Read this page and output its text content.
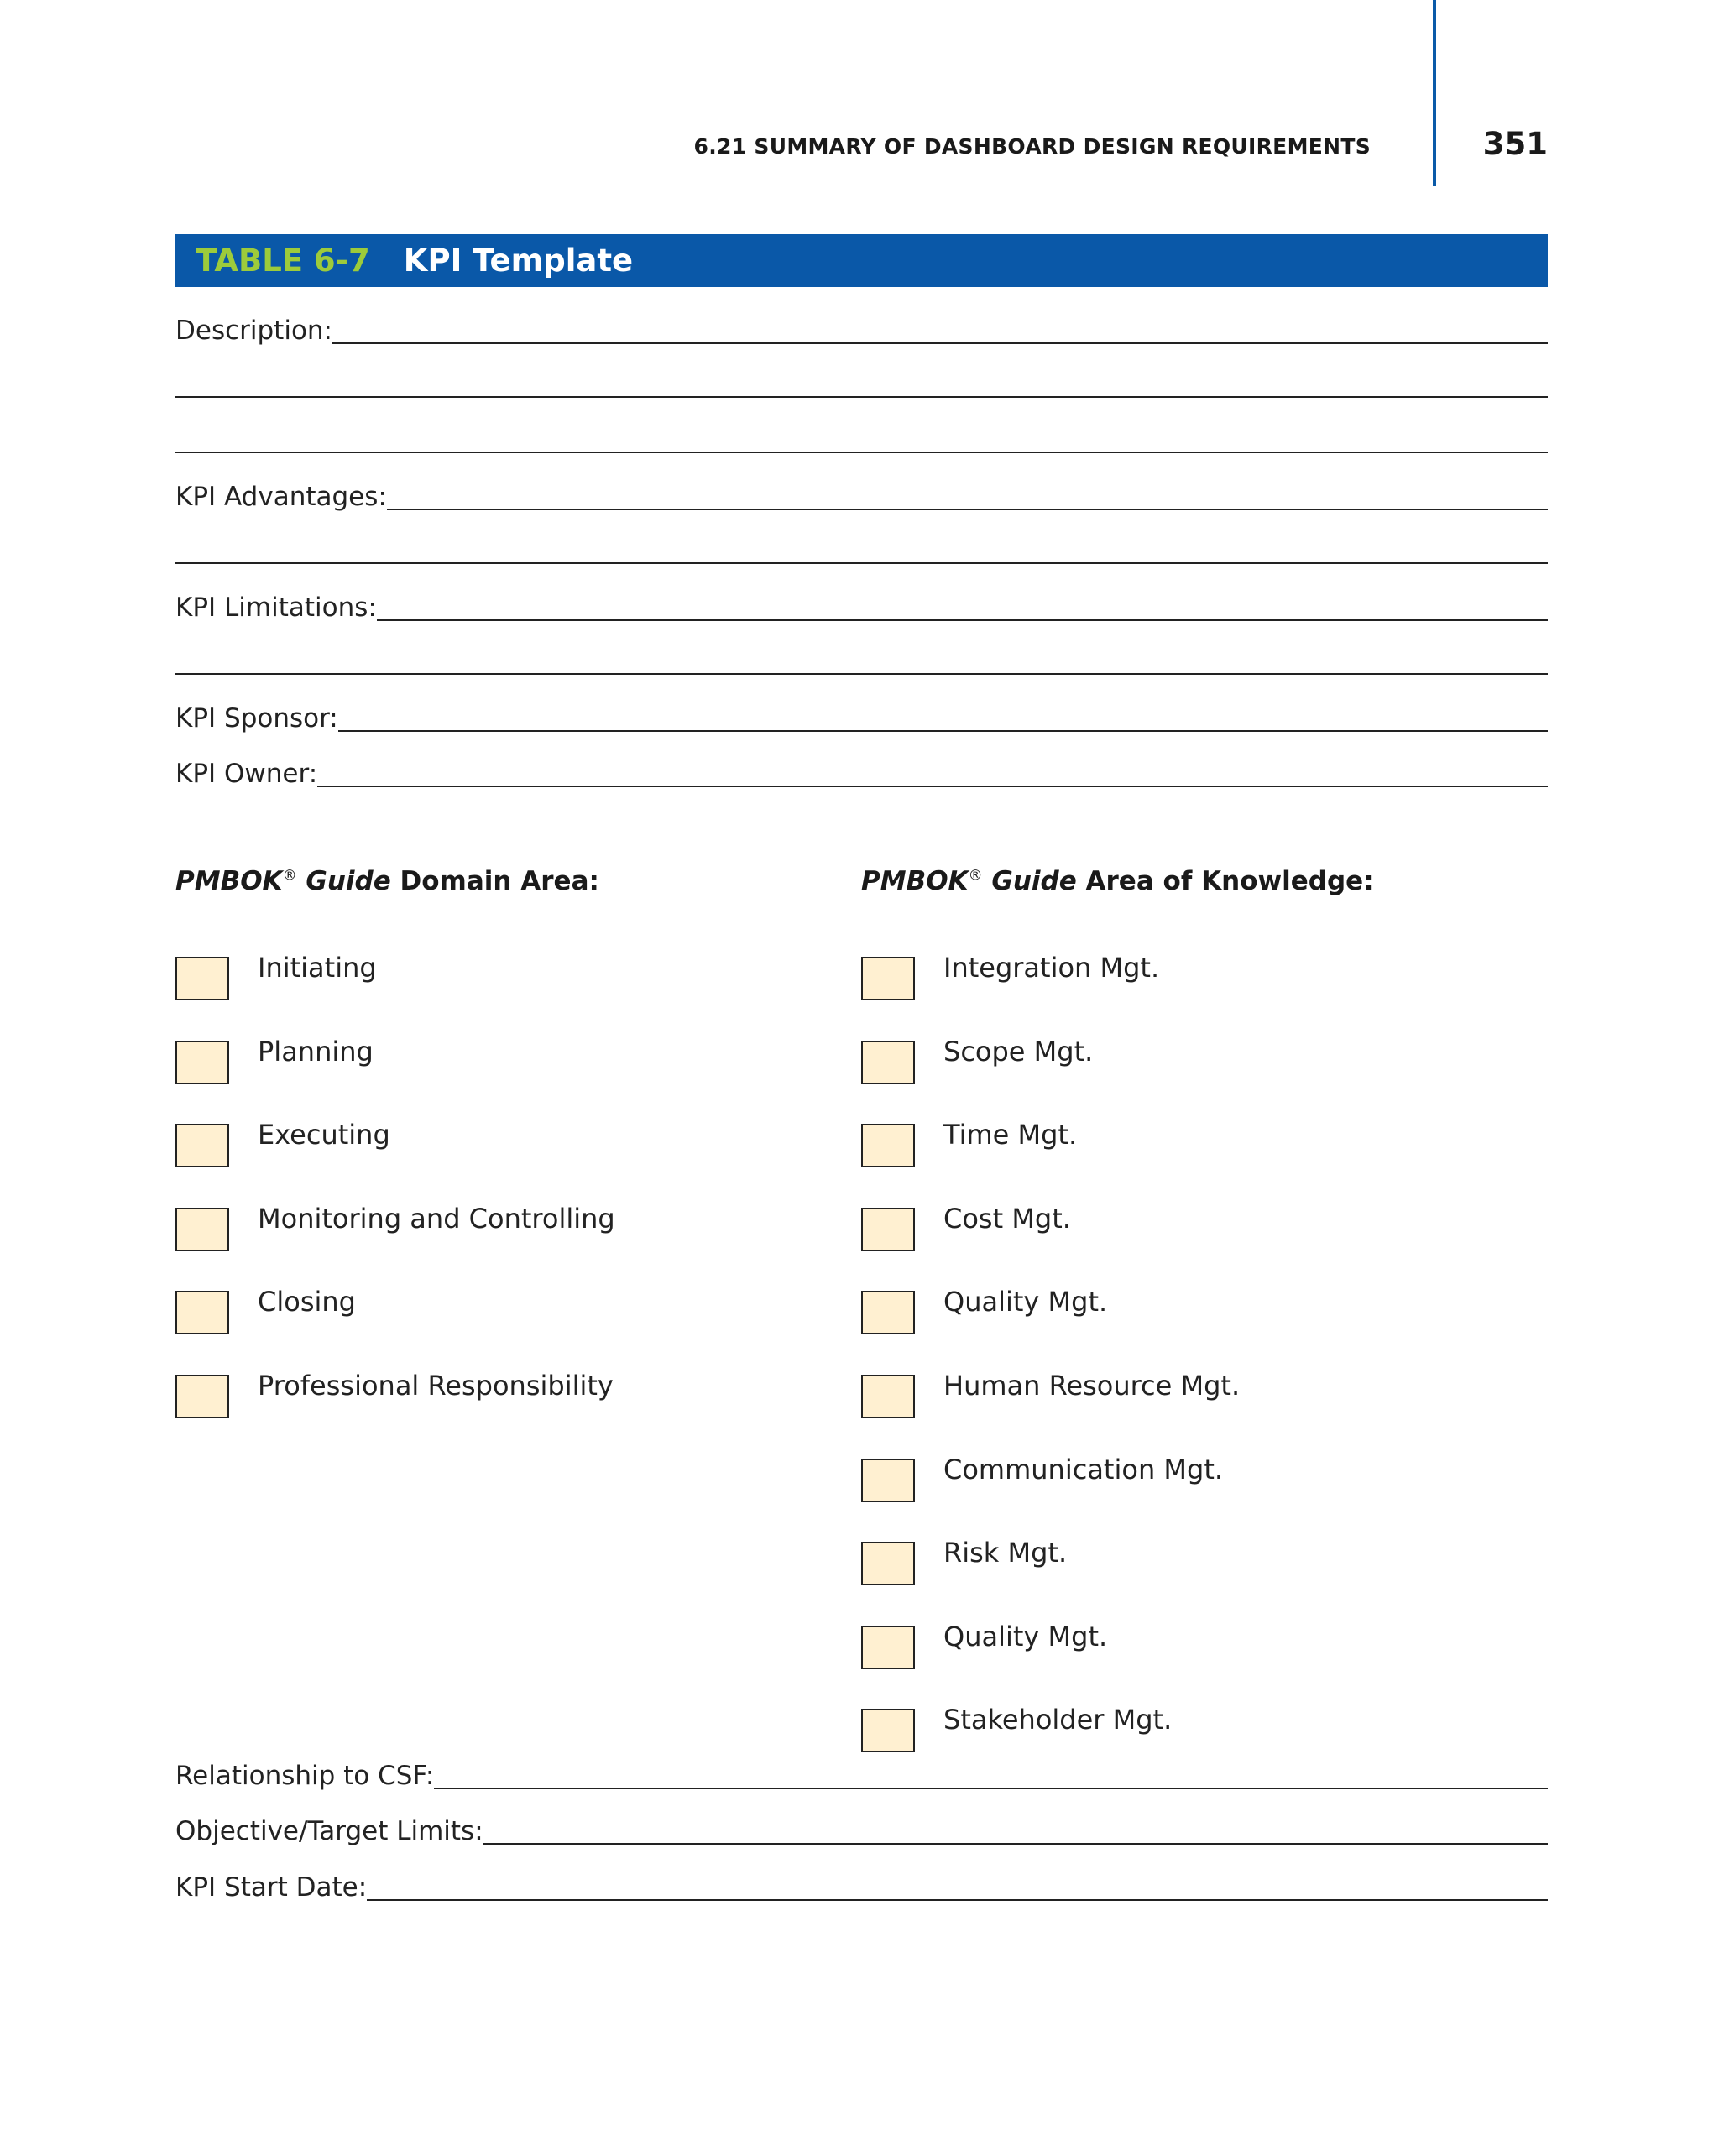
6.21 SUMMARY OF DASHBOARD DESIGN REQUIREMENTS	351
TABLE 6-7 KPI Template
Description:
KPI Advantages:
KPI Limitations:
KPI Sponsor:
KPI Owner:
PMBOK® Guide Domain Area:	PMBOK® Guide Area of Knowledge:
Initiating
Planning
Executing
Monitoring and Controlling
Closing
Professional Responsibility
Integration Mgt.
Scope Mgt.
Time Mgt.
Cost Mgt.
Quality Mgt.
Human Resource Mgt.
Communication Mgt.
Risk Mgt.
Quality Mgt.
Stakeholder Mgt.
Relationship to CSF:
Objective/Target Limits:
KPI Start Date:
